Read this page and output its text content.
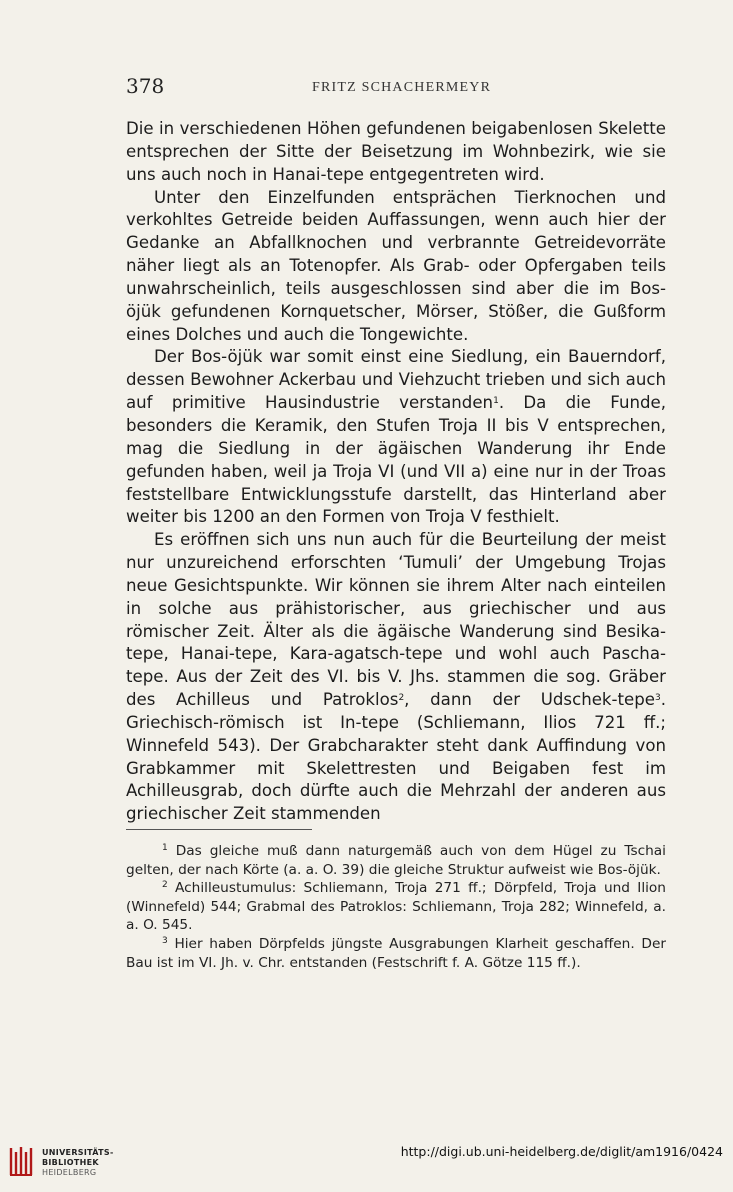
378	FRITZ SCHACHERMEYR

Die in verschiedenen Höhen gefundenen beigabenlosen Skelette entsprechen der Sitte der Beisetzung im Wohnbezirk, wie sie uns auch noch in Hanai-tepe entgegentreten wird.

Unter den Einzelfunden entsprächen Tierknochen und verkohltes Getreide beiden Auffassungen, wenn auch hier der Gedanke an Abfallknochen und verbrannte Getreidevorräte näher liegt als an Totenopfer. Als Grab- oder Opfergaben teils unwahrscheinlich, teils ausgeschlossen sind aber die im Bos-öjük gefundenen Kornquetscher, Mörser, Stößer, die Gußform eines Dolches und auch die Tongewichte.

Der Bos-öjük war somit einst eine Siedlung, ein Bauerndorf, dessen Bewohner Ackerbau und Viehzucht trieben und sich auch auf primitive Hausindustrie verstanden$^1$. Da die Funde, besonders die Keramik, den Stufen Troja II bis V entsprechen, mag die Siedlung in der ägäischen Wanderung ihr Ende gefunden haben, weil ja Troja VI (und VII a) eine nur in der Troas feststellbare Entwicklungsstufe darstellt, das Hinterland aber weiter bis 1200 an den Formen von Troja V festhielt.

Es eröffnen sich uns nun auch für die Beurteilung der meist nur unzureichend erforschten ‘Tumuli’ der Umgebung Trojas neue Gesichtspunkte. Wir können sie ihrem Alter nach einteilen in solche aus prähistorischer, aus griechischer und aus römischer Zeit. Älter als die ägäische Wanderung sind Besika-tepe, Hanai-tepe, Kara-agatsch-tepe und wohl auch Pascha-tepe. Aus der Zeit des VI. bis V. Jhs. stammen die sog. Gräber des Achilleus und Patroklos$^2$, dann der Udschek-tepe$^3$. Griechisch-römisch ist In-tepe (Schliemann, Ilios 721 ff.; Winnefeld 543). Der Grabcharakter steht dank Auffindung von Grabkammer mit Skelettresten und Beigaben fest im Achilleusgrab, doch dürfte auch die Mehrzahl der anderen aus griechischer Zeit stammenden

$^1$ Das gleiche muß dann naturgemäß auch von dem Hügel zu Tschai gelten, der nach Körte (a. a. O. 39) die gleiche Struktur aufweist wie Bos-öjük.

$^2$ Achilleustumulus: Schliemann, Troja 271 ff.; Dörpfeld, Troja und Ilion (Winnefeld) 544; Grabmal des Patroklos: Schliemann, Troja 282; Winnefeld, a. a. O. 545.

$^3$ Hier haben Dörpfelds jüngste Ausgrabungen Klarheit geschaffen. Der Bau ist im VI. Jh. v. Chr. entstanden (Festschrift f. A. Götze 115 ff.).

UNIVERSITÄTS-
BIBLIOTHEK
HEIDELBERG
http://digi.ub.uni-heidelberg.de/diglit/am1916/0424
